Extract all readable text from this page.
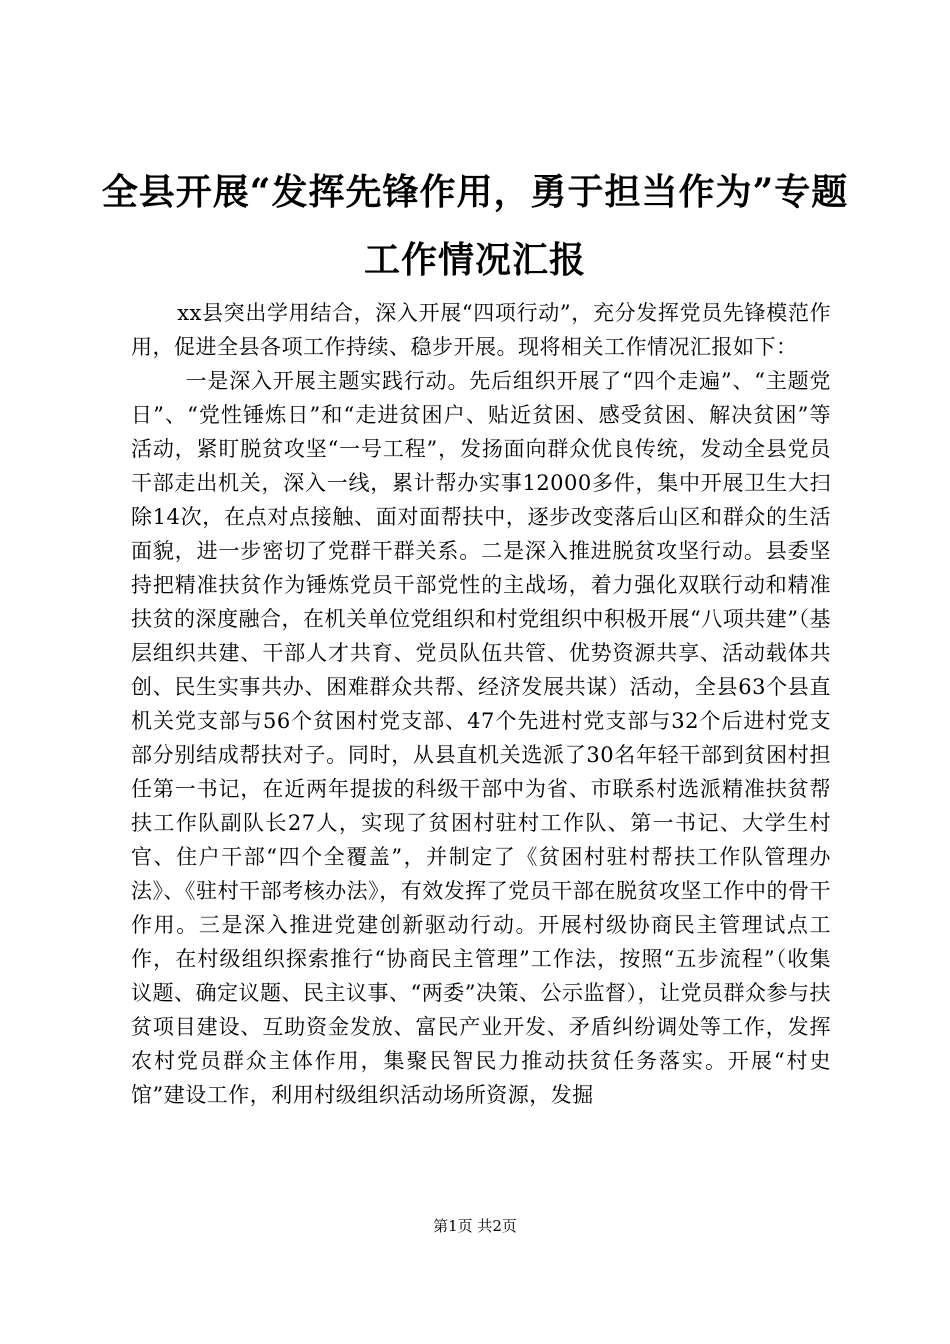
全县开展“发挥先锋作用，勇于担当作为”专题工作情况汇报

xx县突出学用结合，深入开展“四项行动”，充分发挥党员先锋模范作用，促进全县各项工作持续、稳步开展。现将相关工作情况汇报如下：

一是深入开展主题实践行动。先后组织开展了“四个走遍”、“主题党日”、“党性锤炼日”和“走进贫困户、贴近贫困、感受贫困、解决贫困”等活动，紧盯脱贫攻坚“一号工程”，发扬面向群众优良传统，发动全县党员干部走出机关，深入一线，累计帮办实事12000多件，集中开展卫生大扫除14次，在点对点接触、面对面帮扶中，逐步改变落后山区和群众的生活面貌，进一步密切了党群干群关系。二是深入推进脱贫攻坚行动。县委坚持把精准扶贫作为锤炼党员干部党性的主战场，着力强化双联行动和精准扶贫的深度融合，在机关单位党组织和村党组织中积极开展“八项共建”（基层组织共建、干部人才共育、党员队伍共管、优势资源共享、活动载体共创、民生实事共办、困难群众共帮、经济发展共谋）活动，全县63个县直机关党支部与56个贫困村党支部、47个先进村党支部与32个后进村党支部分别结成帮扶对子。同时，从县直机关选派了30名年轻干部到贫困村担任第一书记，在近两年提拔的科级干部中为省、市联系村选派精准扶贫帮扶工作队副队长27人，实现了贫困村驻村工作队、第一书记、大学生村官、住户干部“四个全覆盖”，并制定了《贫困村驻村帮扶工作队管理办法》、《驻村干部考核办法》，有效发挥了党员干部在脱贫攻坚工作中的骨干作用。三是深入推进党建创新驱动行动。开展村级协商民主管理试点工作，在村级组织探索推行“协商民主管理”工作法，按照“五步流程”（收集议题、确定议题、民主议事、“两委”决策、公示监督），让党员群众参与扶贫项目建设、互助资金发放、富民产业开发、矛盾纠纷调处等工作，发挥农村党员群众主体作用，集聚民智民力推动扶贫任务落实。开展“村史馆”建设工作，利用村级组织活动场所资源，发掘

第1页 共2页
